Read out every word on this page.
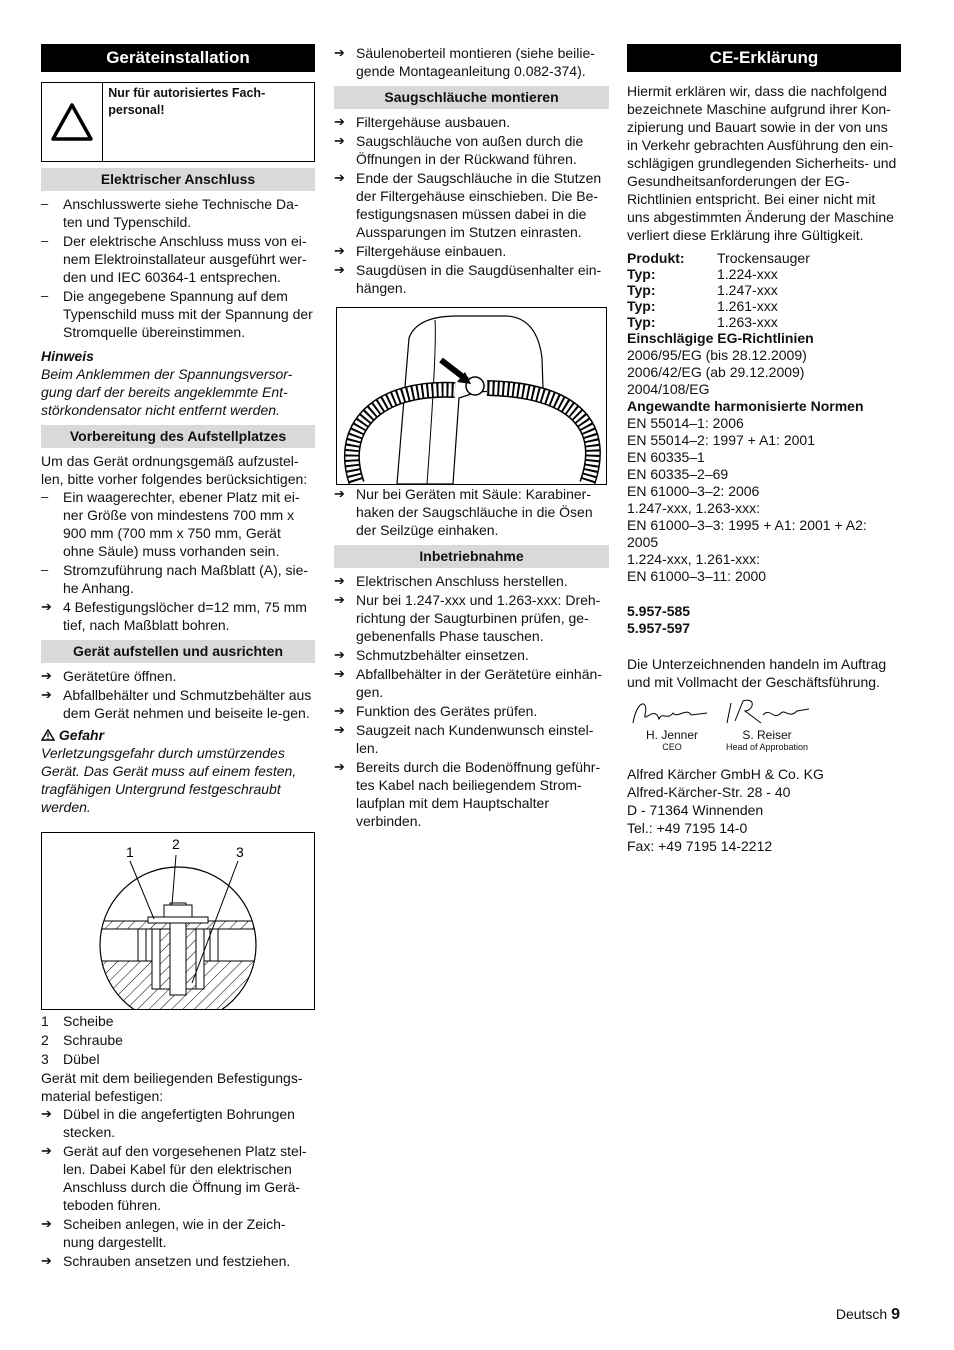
Geräteinstallation
Nur für autorisiertes Fach-personal!
Elektrischer Anschluss
–	Anschlusswerte siehe Technische Da-ten und Typenschild.
–	Der elektrische Anschluss muss von ei-nem Elektroinstallateur ausgeführt wer-den und IEC 60364-1 entsprechen.
–	Die angegebene Spannung auf dem Typenschild muss mit der Spannung der Stromquelle übereinstimmen.

Hinweis

Beim Anklemmen der Spannungsversor-gung darf der bereits angeklemmte Ent-störkondensator nicht entfernt werden.

Vorbereitung des Aufstellplatzes

Um das Gerät ordnungsgemäß aufzustel-len, bitte vorher folgendes berücksichtigen:

–	Ein waagerechter, ebener Platz mit ei-ner Größe von mindestens 700 mm x 900 mm (700 mm x 750 mm, Gerät ohne Säule) muss vorhanden sein.
–	Stromzuführung nach Maßblatt (A), sie-he Anhang.
➔ 4 Befestigungslöcher d=12 mm, 75 mm tief, nach Maßblatt bohren.
Gerät aufstellen und ausrichten
➔ Gerätetüre öffnen.
➔ Abfallbehälter und Schmutzbehälter aus dem Gerät nehmen und beiseite le-gen.

Gefahr

Verletzungsgefahr durch umstürzendes Gerät. Das Gerät muss auf einem festen, tragfähigen Untergrund festgeschraubt werden.

1	2	3
1	Scheibe
2	Schraube
3	Dübel

Gerät mit dem beiliegenden Befestigungs-material befestigen:

➔ Dübel in die angefertigten Bohrungen stecken.
➔ Gerät auf den vorgesehenen Platz stel-len. Dabei Kabel für den elektrischen Anschluss durch die Öffnung im Gerä-teboden führen.
➔ Scheiben anlegen, wie in der Zeich-nung dargestellt.
➔ Schrauben ansetzen und festziehen.
➔ Säulenoberteil montieren (siehe beilie-gende Montageanleitung 0.082-374).
Saugschläuche montieren
➔ Filtergehäuse ausbauen.
➔ Saugschläuche von außen durch die Öffnungen in der Rückwand führen.
➔ Ende der Saugschläuche in die Stutzen der Filtergehäuse einschieben. Die Be-festigungsnasen müssen dabei in die Aussparungen im Stutzen einrasten.
➔ Filtergehäuse einbauen.
➔ Saugdüsen in die Saugdüsenhalter ein-hängen.
➔ Nur bei Geräten mit Säule: Karabiner-haken der Saugschläuche in die Ösen der Seilzüge einhaken.
Inbetriebnahme
➔ Elektrischen Anschluss herstellen.
➔ Nur bei 1.247-xxx und 1.263-xxx: Dreh-richtung der Saugturbinen prüfen, ge-gebenenfalls Phase tauschen.
➔ Schmutzbehälter einsetzen.
➔ Abfallbehälter in der Gerätetüre einhän-gen.
➔ Funktion des Gerätes prüfen.
➔ Saugzeit nach Kundenwunsch einstel-len.
➔ Bereits durch die Bodenöffnung geführ-tes Kabel nach beiliegendem Strom-laufplan mit dem Hauptschalter verbinden.
CE-Erklärung

Hiermit erklären wir, dass die nachfolgend bezeichnete Maschine aufgrund ihrer Kon-zipierung und Bauart sowie in der von uns in Verkehr gebrachten Ausführung den ein-schlägigen grundlegenden Sicherheits- und Gesundheitsanforderungen der EG-Richtlinien entspricht. Bei einer nicht mit uns abgestimmten Änderung der Maschine verliert diese Erklärung ihre Gültigkeit.

Produkt:	Trockensauger
Typ:	1.224-xxx
Typ:	1.247-xxx
Typ:	1.261-xxx
Typ:	1.263-xxx
Einschlägige EG-Richtlinien
2006/95/EG (bis 28.12.2009)
2006/42/EG (ab 29.12.2009)
2004/108/EG
Angewandte harmonisierte Normen
EN 55014–1: 2006
EN 55014–2: 1997 + A1: 2001
EN 60335–1
EN 60335–2–69
EN 61000–3–2: 2006
1.247-xxx, 1.263-xxx:
EN 61000–3–3: 1995 + A1: 2001 + A2: 2005
1.224-xxx, 1.261-xxx:
EN 61000–3–11: 2000
5.957-585
5.957-597

Die Unterzeichnenden handeln im Auftrag und mit Vollmacht der Geschäftsführung.

H. Jenner
CEO
S. Reiser
Head of Approbation
Alfred Kärcher GmbH & Co. KG
Alfred-Kärcher-Str. 28 - 40
D - 71364 Winnenden
Tel.: +49 7195 14-0
Fax: +49 7195 14-2212
Deutsch 9
